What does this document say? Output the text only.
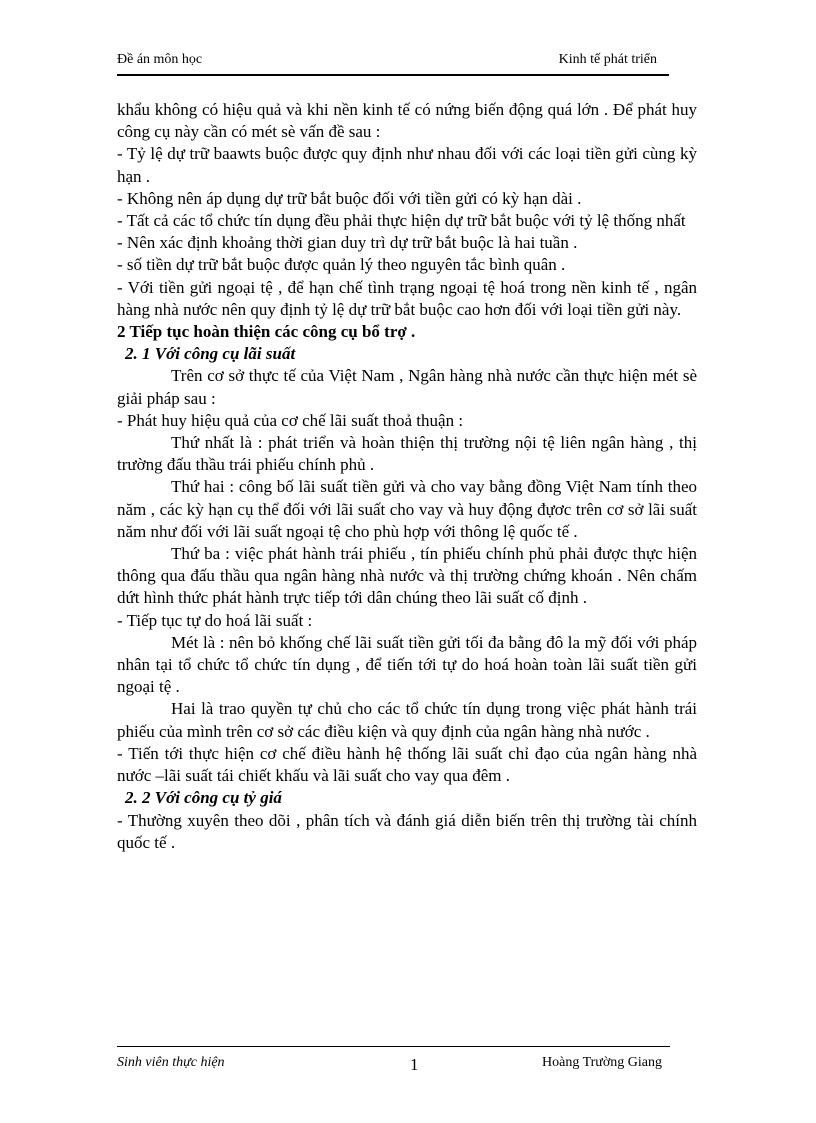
Đề án môn học	Kinh tế phát triển

khẩu không có hiệu quả và khi nền kinh tế có nứng biến động quá lớn . Để phát huy công cụ này cần có mét sè vấn đề sau :

- Tỷ lệ dự trữ baawts buộc được quy định như nhau đối với các loại tiền gửi cùng kỳ hạn .

- Không nên áp dụng dự trữ bắt buộc đối với tiền gửi có kỳ hạn dài .

- Tất cả các tổ chức tín dụng đều phải thực hiện dự trữ bắt buộc với tỷ lệ thống nhất

- Nên xác định khoảng thời gian duy trì dự trữ bắt buộc là hai tuần .

- số tiền dự trữ bắt buộc được quản lý theo nguyên tắc bình quân .

- Với tiền gửi ngoại tệ , để hạn chế tình trạng ngoại tệ hoá trong nền kinh tế , ngân hàng nhà nước nên quy định tỷ lệ dự trữ bắt buộc cao hơn đối với loại tiền gửi này.

2 Tiếp tục hoàn thiện các công cụ bổ trợ .
2. 1 Với công cụ lãi suất

Trên cơ sở thực tế của Việt Nam , Ngân hàng nhà nước cần thực hiện mét sè giải pháp sau :

- Phát huy hiệu quả của cơ chế lãi suất thoả thuận :

Thứ nhất là : phát triển và hoàn thiện thị trường nội tệ liên ngân hàng , thị trường đấu thầu trái phiếu chính phủ .

Thứ hai : công bố lãi suất tiền gửi và cho vay bằng đồng Việt Nam tính theo năm , các kỳ hạn cụ thể đối với lãi suất cho vay và huy động đựơc trên cơ sở lãi suất năm như đối với lãi suất ngoại tệ cho phù hợp với thông lệ quốc tế .

Thứ ba : việc phát hành trái phiếu , tín phiếu chính phủ phải được thực hiện thông qua đấu thầu qua ngân hàng nhà nước và thị trường chứng khoán . Nên chấm dứt hình thức phát hành trực tiếp tới dân chúng theo lãi suất cố định .

- Tiếp tục tự do hoá lãi suất :

Mét là : nên bỏ khống chế lãi suất tiền gửi tối đa bằng đô la mỹ đối với pháp nhân tại tổ chức tổ chức tín dụng , để tiến tới tự do hoá hoàn toàn lãi suất tiền gửi ngoại tệ .

Hai là trao quyền tự chủ cho các tổ chức tín dụng trong việc phát hành trái phiếu của mình trên cơ sở các điều kiện và quy định của ngân hàng nhà nước .

- Tiến tới thực hiện cơ chế điều hành hệ thống lãi suất chỉ đạo của ngân hàng nhà nước –lãi suất tái chiết khấu và lãi suất cho vay qua đêm .

2. 2 Với công cụ tỷ giá

- Thường xuyên theo dõi , phân tích và đánh giá diễn biến trên thị trường tài chính quốc tế .

Sinh viên thực hiện	1	Hoàng Trường Giang
